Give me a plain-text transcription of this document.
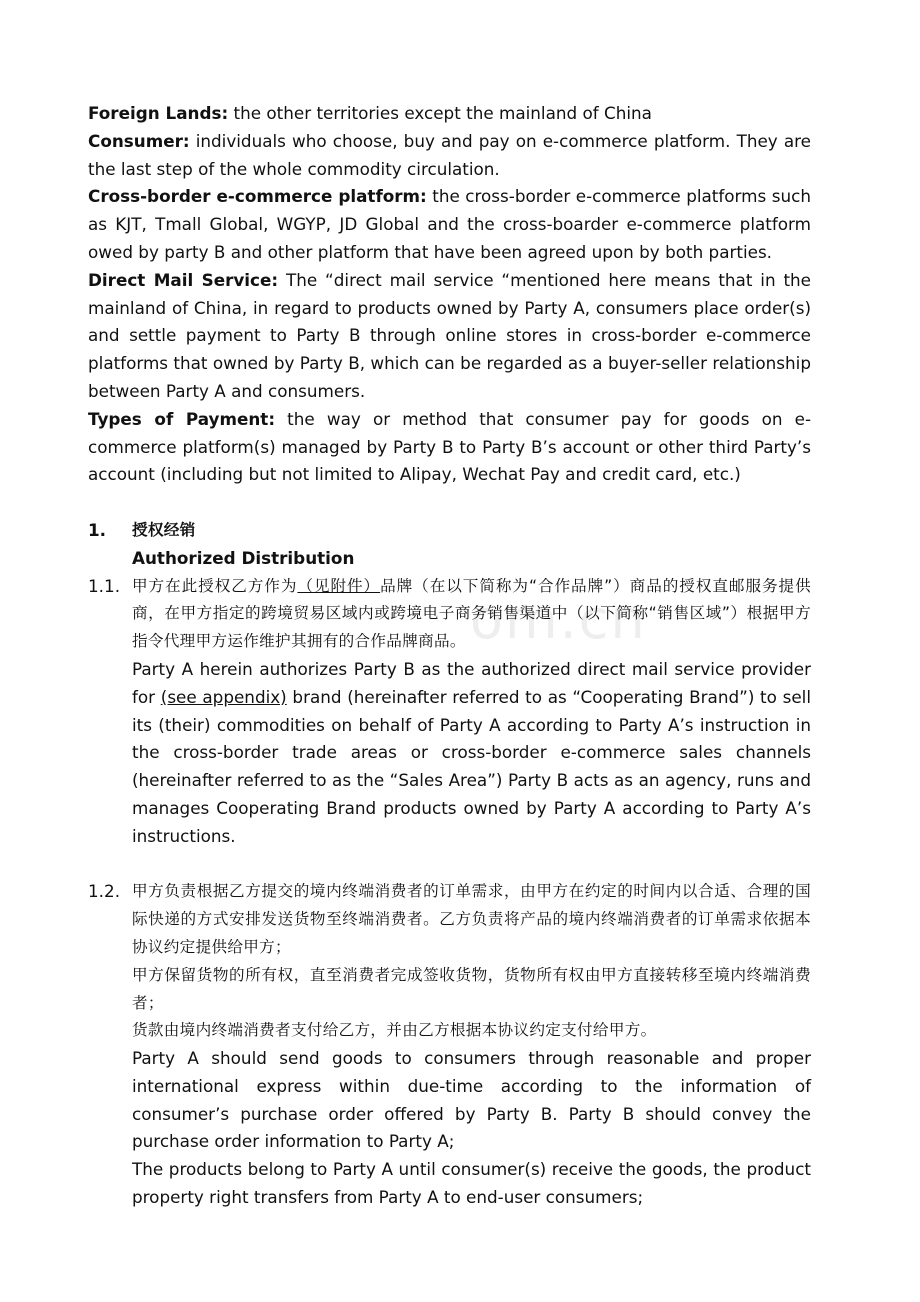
om.cn

Foreign Lands: the other territories except the mainland of China

Consumer: individuals who choose, buy and pay on e-commerce platform. They are the last step of the whole commodity circulation.

Cross-border e-commerce platform: the cross-border e-commerce platforms such as KJT, Tmall Global, WGYP, JD Global and the cross-boarder e-commerce platform owed by party B and other platform that have been agreed upon by both parties.

Direct Mail Service: The “direct mail service “mentioned here means that in the mainland of China, in regard to products owned by Party A, consumers place order(s) and settle payment to Party B through online stores in cross-border e-commerce platforms that owned by Party B, which can be regarded as a buyer-seller relationship between Party A and consumers.

Types of Payment: the way or method that consumer pay for goods on e-commerce platform(s) managed by Party B to Party B’s account or other third Party’s account (including but not limited to Alipay, Wechat Pay and credit card, etc.)

1. 授权经销

Authorized Distribution

1.1. 甲方在此授权乙方作为（见附件）品牌（在以下简称为“合作品牌”）商品的授权直邮服务提供商，在甲方指定的跨境贸易区域内或跨境电子商务销售渠道中（以下简称“销售区域”）根据甲方指令代理甲方运作维护其拥有的合作品牌商品。

Party A herein authorizes Party B as the authorized direct mail service provider for (see appendix) brand (hereinafter referred to as “Cooperating Brand”) to sell its (their) commodities on behalf of Party A according to Party A’s instruction in the cross-border trade areas or cross-border e-commerce sales channels (hereinafter referred to as the “Sales Area”) Party B acts as an agency, runs and manages Cooperating Brand products owned by Party A according to Party A’s instructions.

1.2. 甲方负责根据乙方提交的境内终端消费者的订单需求，由甲方在约定的时间内以合适、合理的国际快递的方式安排发送货物至终端消费者。乙方负责将产品的境内终端消费者的订单需求依据本协议约定提供给甲方；

甲方保留货物的所有权，直至消费者完成签收货物，货物所有权由甲方直接转移至境内终端消费者；

货款由境内终端消费者支付给乙方，并由乙方根据本协议约定支付给甲方。

Party A should send goods to consumers through reasonable and proper international express within due-time according to the information of consumer’s purchase order offered by Party B. Party B should convey the purchase order information to Party A;

The products belong to Party A until consumer(s) receive the goods, the product property right transfers from Party A to end-user consumers;
